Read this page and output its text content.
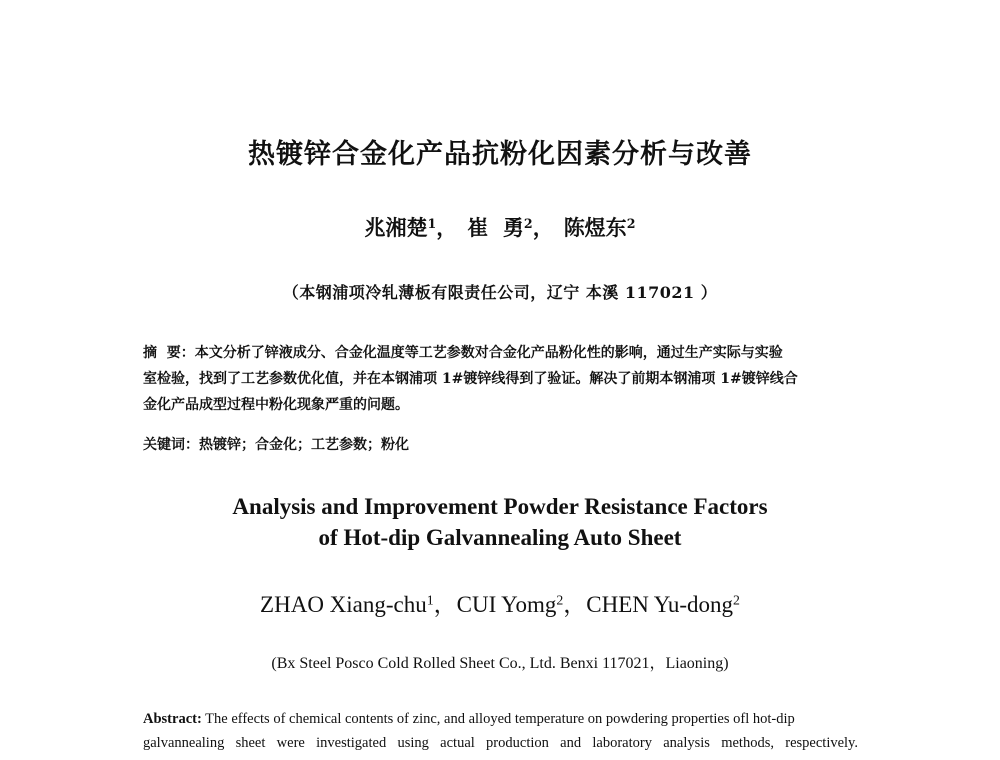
热镀锌合金化产品抗粉化因素分析与改善
兆湘楚$^1$， 崔  勇$^2$， 陈煜东$^2$
（本钢浦项冷轧薄板有限责任公司，辽宁 本溪 117021 ）
摘  要：本文分析了锌液成分、合金化温度等工艺参数对合金化产品粉化性的影响，通过生产实际与实验
室检验，找到了工艺参数优化值，并在本钢浦项 1#镀锌线得到了验证。解决了前期本钢浦项 1#镀锌线合
金化产品成型过程中粉化现象严重的问题。
关键词：热镀锌；合金化；工艺参数；粉化
Analysis and Improvement Powder Resistance Factors
of Hot-dip Galvannealing Auto Sheet
ZHAO Xiang-chu$^1$，CUI Yomg$^2$，CHEN Yu-dong$^2$
(Bx Steel Posco Cold Rolled Sheet Co., Ltd. Benxi 117021，Liaoning)
Abstract: The effects of chemical contents of zinc, and alloyed temperature on powdering properties ofl hot-dip
galvannealing sheet were investigated using actual production and laboratory analysis methods, respectively.
